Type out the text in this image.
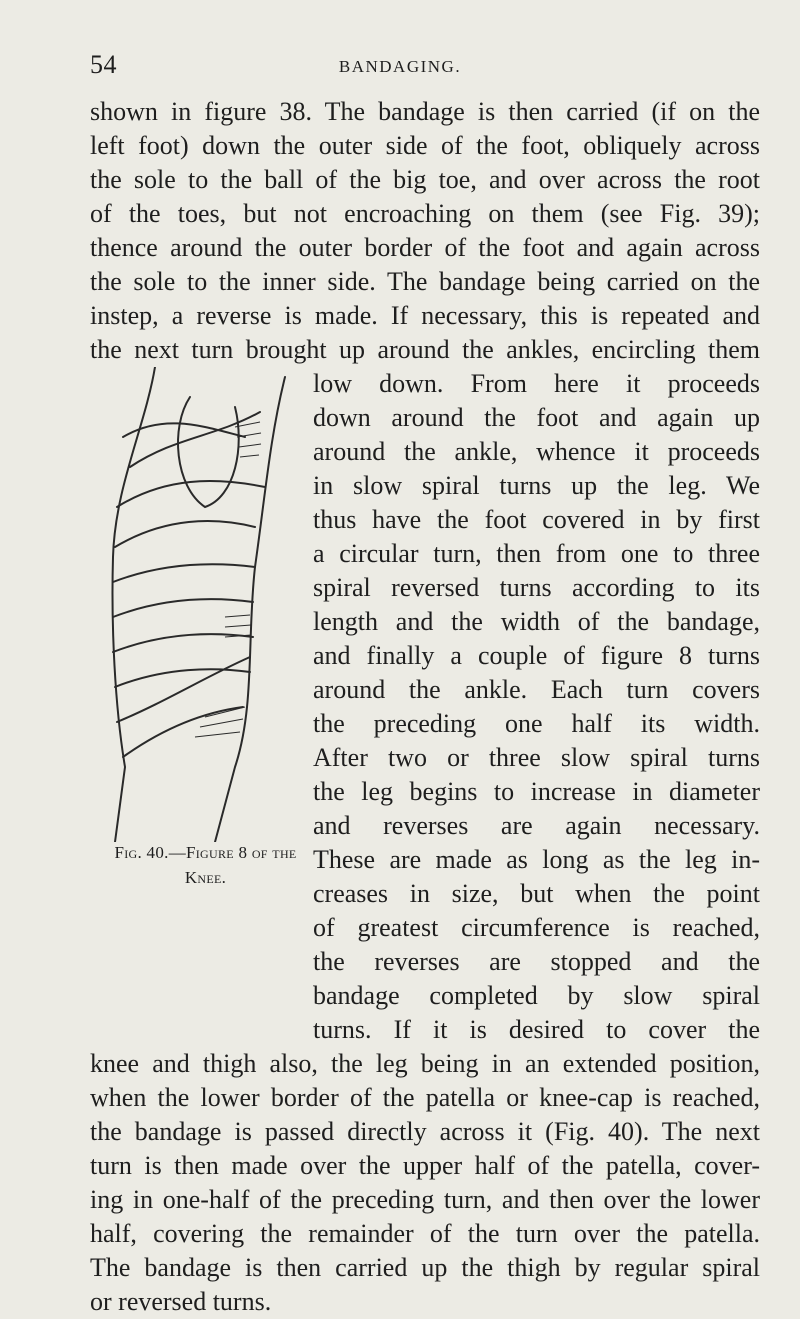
54	BANDAGING.
shown in figure 38. The bandage is then carried (if on the
left foot) down the outer side of the foot, obliquely across
the sole to the ball of the big toe, and over across the root
of the toes, but not encroaching on them (see Fig. 39);
thence around the outer border of the foot and again across
the sole to the inner side. The bandage being carried on the
instep, a reverse is made. If necessary, this is repeated and
the next turn brought up around the ankles, encircling them
low down. From here it proceeds
down around the foot and again up
around the ankle, whence it proceeds
in slow spiral turns up the leg. We
thus have the foot covered in by first
a circular turn, then from one to three
spiral reversed turns according to its
length and the width of the bandage,
and finally a couple of figure 8 turns
around the ankle. Each turn covers
the preceding one half its width.
After two or three slow spiral turns
the leg begins to increase in diameter
and reverses are again necessary.
These are made as long as the leg in-
creases in size, but when the point
of greatest circumference is reached,
the reverses are stopped and the
bandage completed by slow spiral
turns. If it is desired to cover the
knee and thigh also, the leg being in an extended position,
when the lower border of the patella or knee-cap is reached,
the bandage is passed directly across it (Fig. 40). The next
turn is then made over the upper half of the patella, cover-
ing in one-half of the preceding turn, and then over the lower
half, covering the remainder of the turn over the patella.
The bandage is then carried up the thigh by regular spiral
or reversed turns.
Fig. 40.—Figure 8 of the
Knee.
